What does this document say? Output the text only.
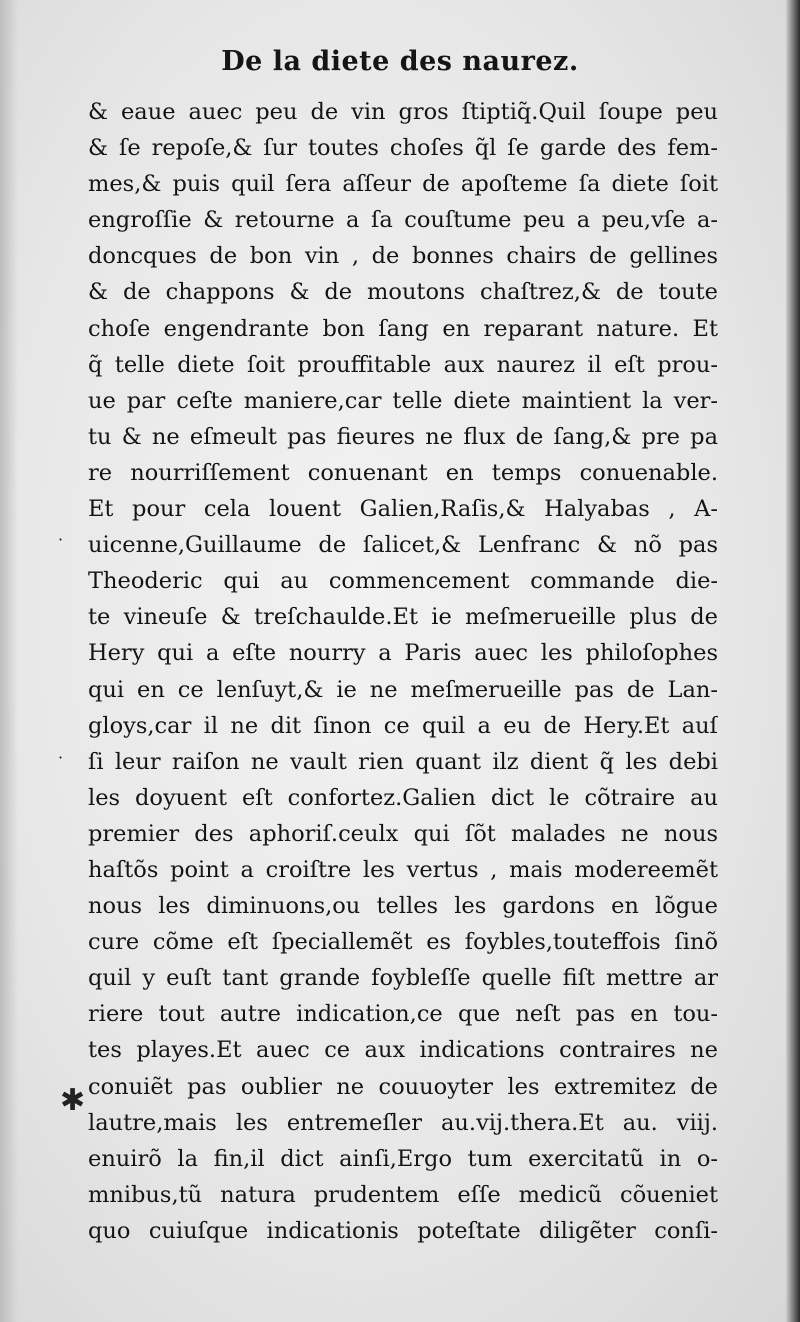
De la diete des naurez.
& eaue auec peu de vin gros ſtiptiq̃.Quil ſoupe peu
& ſe repoſe,& ſur toutes choſes q̃l ſe garde des fem-
mes,& puis quil ſera aſſeur de apoſteme ſa diete ſoit
engroſſie & retourne a ſa couſtume peu a peu,vſe a-
doncques de bon vin , de bonnes chairs de gellines
& de chappons & de moutons chaſtrez,& de toute
choſe engendrante bon ſang en reparant nature. Et
q̃ telle diete ſoit prouffitable aux naurez il eſt prou-
ue par ceſte maniere,car telle diete maintient la ver-
tu & ne eſmeult pas fieures ne flux de ſang,& pre pa
re nourriſſement conuenant en temps conuenable.
Et pour cela louent Galien,Raſis,& Halyabas , A-
uicenne,Guillaume de ſalicet,& Lenfranc & nõ pas
Theoderic qui au commencement commande die-
te vineuſe & treſchaulde.Et ie meſmerueille plus de
Hery qui a eſte nourry a Paris auec les philoſophes
qui en ce lenſuyt,& ie ne meſmerueille pas de Lan-
gloys,car il ne dit ſinon ce quil a eu de Hery.Et auſ
ſi leur raiſon ne vault rien quant ilz dient q̃ les debi
les doyuent eſt confortez.Galien dict le cõtraire au
premier des aphoriſ.ceulx qui ſõt malades ne nous
haſtõs point a croiſtre les vertus , mais modereemẽt
nous les diminuons,ou telles les gardons en lõgue
cure cõme eſt ſpeciallemẽt es foybles,touteffois ſinõ
quil y euſt tant grande foybleſſe quelle fiſt mettre ar
riere tout autre indication,ce que neſt pas en tou-
tes playes.Et auec ce aux indications contraires ne
conuiẽt pas oublier ne couuoyter les extremitez de
lautre,mais les entremeſler au.vij.thera.Et au. viij.
enuirõ la fin,il dict ainſi,Ergo tum exercitatũ in o-
mnibus,tũ natura prudentem eſſe medicũ cõueniet
quo cuiuſque indicationis poteſtate diligẽter conſi-
·
·
✱
